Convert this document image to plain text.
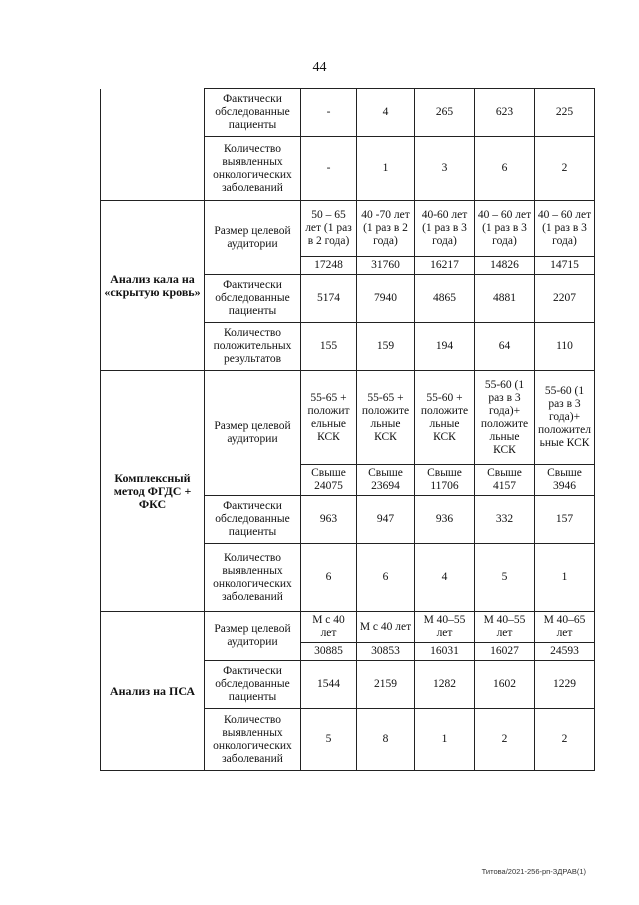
44
	Фактически обследованные пациенты	-	4	265	623	225
	Количество выявленных онкологических заболеваний	-	1	3	6	2
Анализ кала на «скрытую кровь»	Размер целевой аудитории	50 – 65 лет (1 раз в 2 года)	40 -70 лет (1 раз в 2 года)	40-60 лет (1 раз в 3 года)	40 – 60 лет (1 раз в 3 года)	40 – 60 лет (1 раз в 3 года)
		17248	31760	16217	14826	14715
	Фактически обследованные пациенты	5174	7940	4865	4881	2207
	Количество положительных результатов	155	159	194	64	110
Комплексный метод ФГДС + ФКС	Размер целевой аудитории	55-65 + положит ельные КСК	55-65 + положите льные КСК	55-60 + положите льные КСК	55-60 (1 раз в 3 года)+ положите льные КСК	55-60 (1 раз в 3 года)+ положител ьные КСК
		Свыше 24075	Свыше 23694	Свыше 11706	Свыше 4157	Свыше 3946
	Фактически обследованные пациенты	963	947	936	332	157
	Количество выявленных онкологических заболеваний	6	6	4	5	1
Анализ на ПСА	Размер целевой аудитории	М с 40 лет	М с 40 лет	М 40–55 лет	М 40–55 лет	М 40–65 лет
		30885	30853	16031	16027	24593
	Фактически обследованные пациенты	1544	2159	1282	1602	1229
	Количество выявленных онкологических заболеваний	5	8	1	2	2
Титова/2021-256-рп-ЗДРАВ(1)
